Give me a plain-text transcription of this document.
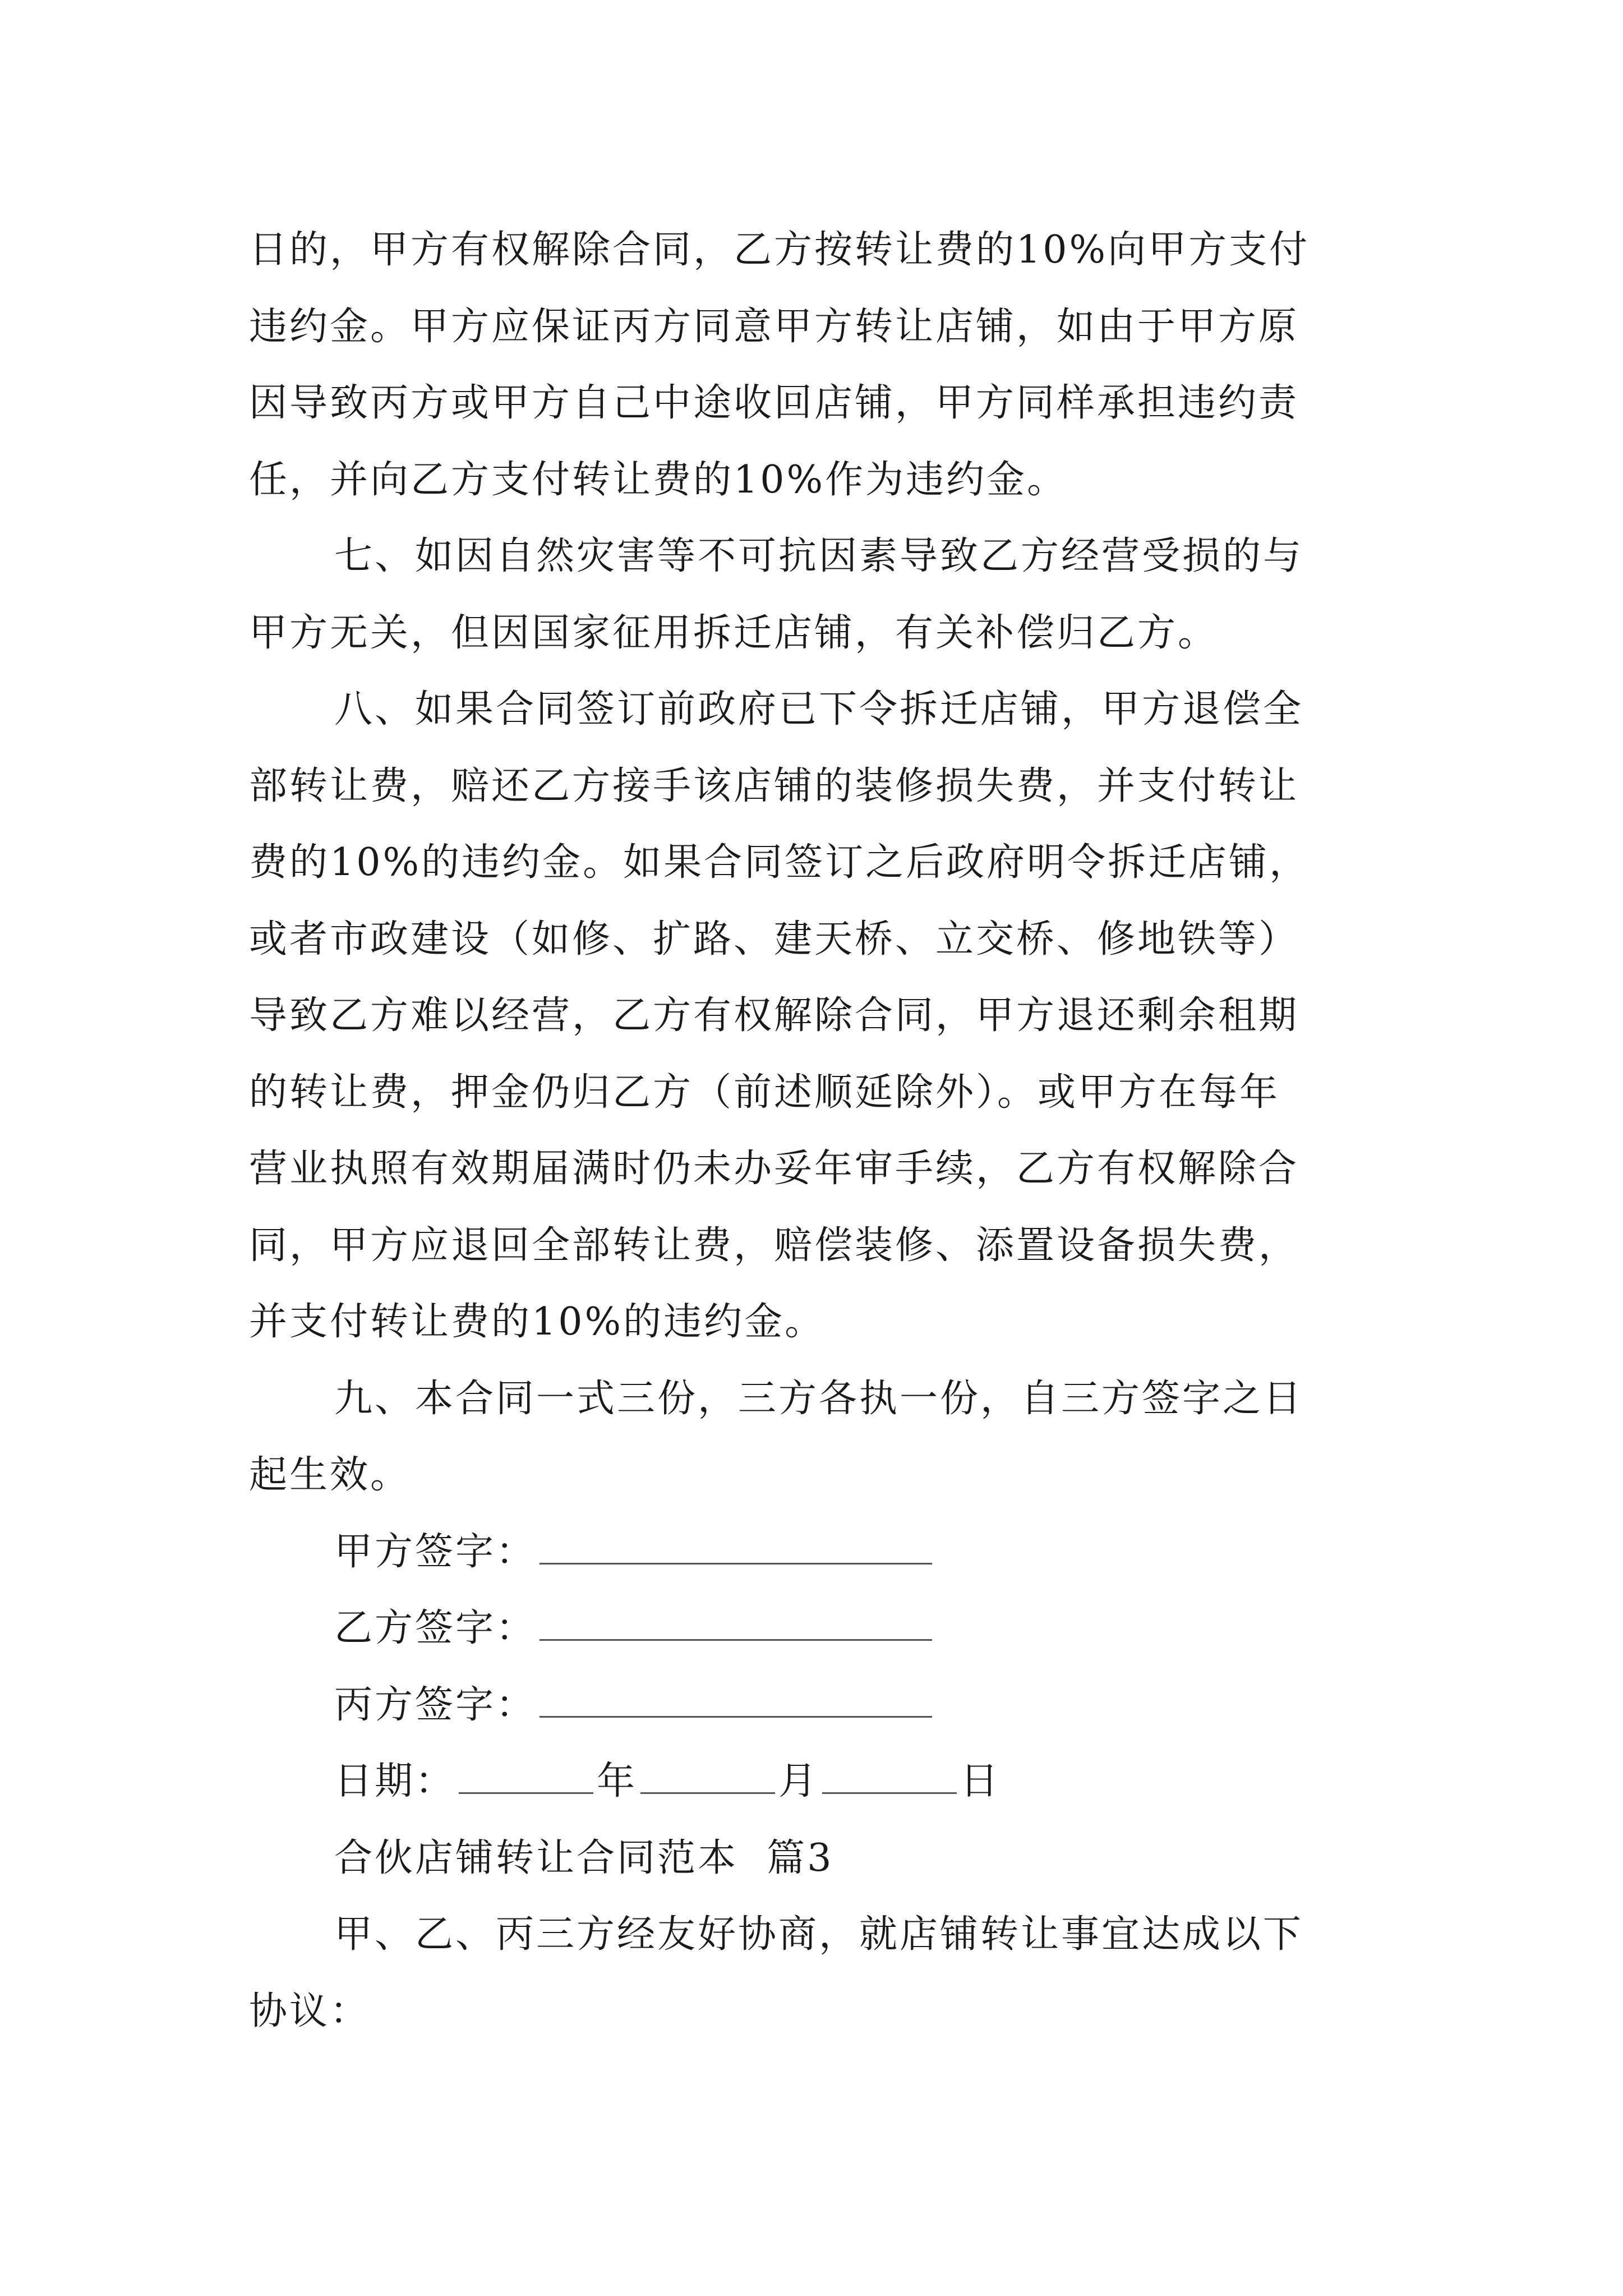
日的，甲方有权解除合同，乙方按转让费的10%向甲方支付
违约金。甲方应保证丙方同意甲方转让店铺，如由于甲方原
因导致丙方或甲方自己中途收回店铺，甲方同样承担违约责
任，并向乙方支付转让费的10%作为违约金。
七、如因自然灾害等不可抗因素导致乙方经营受损的与
甲方无关，但因国家征用拆迁店铺，有关补偿归乙方。
八、如果合同签订前政府已下令拆迁店铺，甲方退偿全
部转让费，赔还乙方接手该店铺的装修损失费，并支付转让
费的10%的违约金。如果合同签订之后政府明令拆迁店铺，
或者市政建设（如修、扩路、建天桥、立交桥、修地铁等）
导致乙方难以经营，乙方有权解除合同，甲方退还剩余租期
的转让费，押金仍归乙方（前述顺延除外）。或甲方在每年
营业执照有效期届满时仍未办妥年审手续，乙方有权解除合
同，甲方应退回全部转让费，赔偿装修、添置设备损失费，
并支付转让费的10%的违约金。
九、本合同一式三份，三方各执一份，自三方签字之日
起生效。
甲方签字：
乙方签字：
丙方签字：
日期：	年	月	日
合伙店铺转让合同范本  篇3
甲、乙、丙三方经友好协商，就店铺转让事宜达成以下
协议：
